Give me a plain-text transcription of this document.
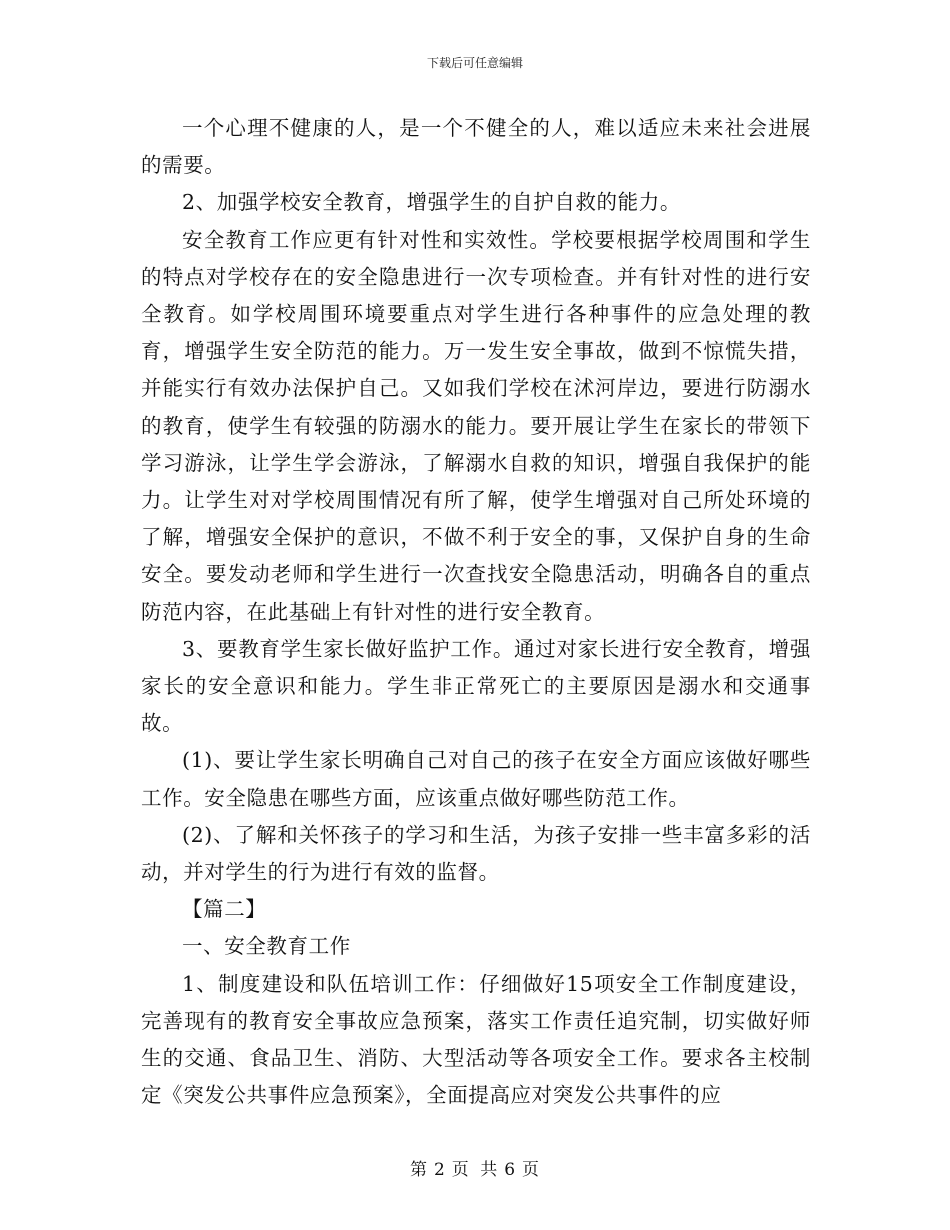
下载后可任意编辑

一个心理不健康的人，是一个不健全的人，难以适应未来社会进展的需要。

2、加强学校安全教育，增强学生的自护自救的能力。

安全教育工作应更有针对性和实效性。学校要根据学校周围和学生的特点对学校存在的安全隐患进行一次专项检查。并有针对性的进行安全教育。如学校周围环境要重点对学生进行各种事件的应急处理的教育，增强学生安全防范的能力。万一发生安全事故，做到不惊慌失措，并能实行有效办法保护自己。又如我们学校在沭河岸边，要进行防溺水的教育，使学生有较强的防溺水的能力。要开展让学生在家长的带领下学习游泳，让学生学会游泳，了解溺水自救的知识，增强自我保护的能力。让学生对对学校周围情况有所了解，使学生增强对自己所处环境的了解，增强安全保护的意识，不做不利于安全的事，又保护自身的生命安全。要发动老师和学生进行一次查找安全隐患活动，明确各自的重点防范内容，在此基础上有针对性的进行安全教育。

3、要教育学生家长做好监护工作。通过对家长进行安全教育，增强家长的安全意识和能力。学生非正常死亡的主要原因是溺水和交通事故。

(1)、要让学生家长明确自己对自己的孩子在安全方面应该做好哪些工作。安全隐患在哪些方面，应该重点做好哪些防范工作。

(2)、了解和关怀孩子的学习和生活，为孩子安排一些丰富多彩的活动，并对学生的行为进行有效的监督。

【篇二】

一、安全教育工作

1、制度建设和队伍培训工作：仔细做好15项安全工作制度建设，完善现有的教育安全事故应急预案，落实工作责任追究制，切实做好师生的交通、食品卫生、消防、大型活动等各项安全工作。要求各主校制定《突发公共事件应急预案》，全面提高应对突发公共事件的应

第 2 页 共 6 页
